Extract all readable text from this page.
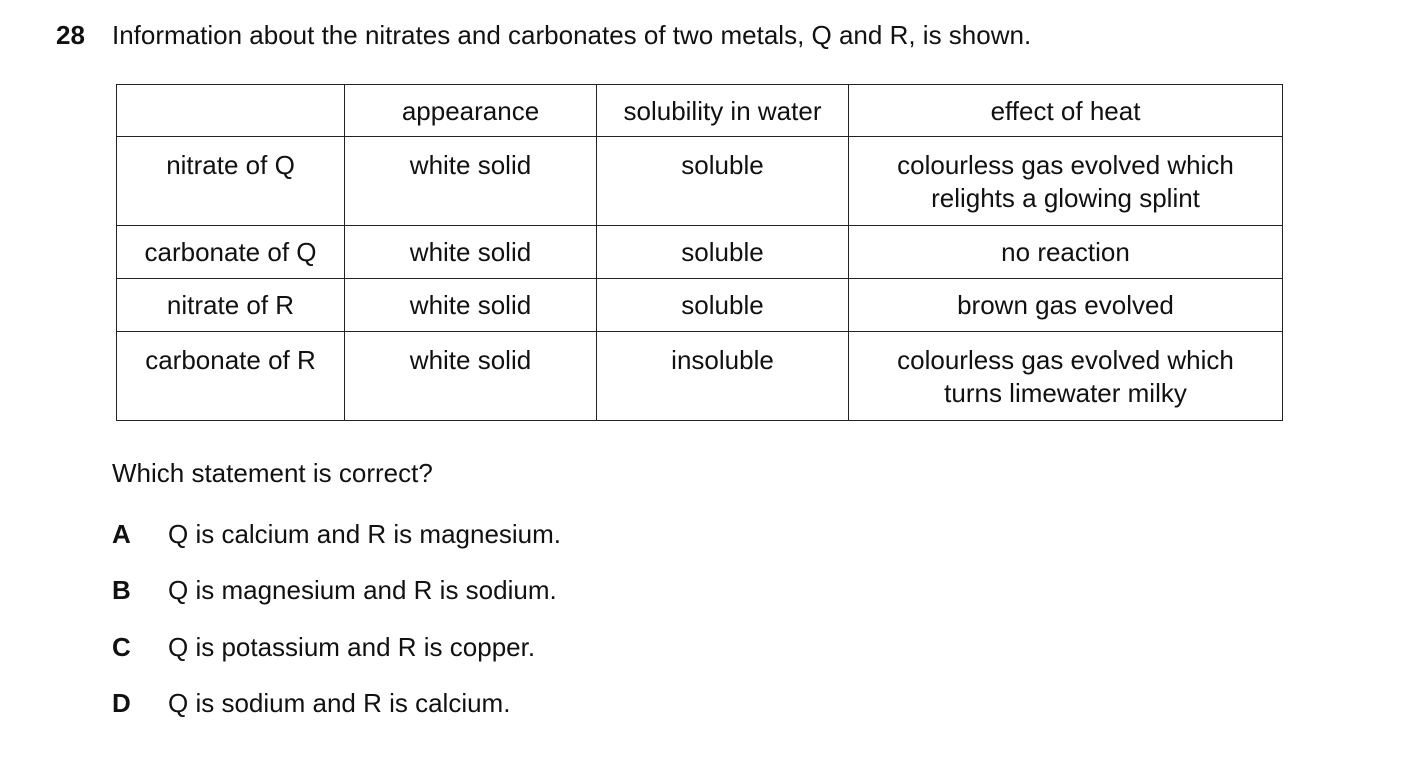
28 Information about the nitrates and carbonates of two metals, Q and R, is shown.
	appearance	solubility in water	effect of heat
nitrate of Q	white solid	soluble	colourless gas evolved which
relights a glowing splint

carbonate of Q	white solid	soluble	no reaction

nitrate of R	white solid	soluble	brown gas evolved

carbonate of R	white solid	insoluble	colourless gas evolved which
turns limewater milky
Which statement is correct?
A Q is calcium and R is magnesium.
B Q is magnesium and R is sodium.
C Q is potassium and R is copper.
D Q is sodium and R is calcium.
